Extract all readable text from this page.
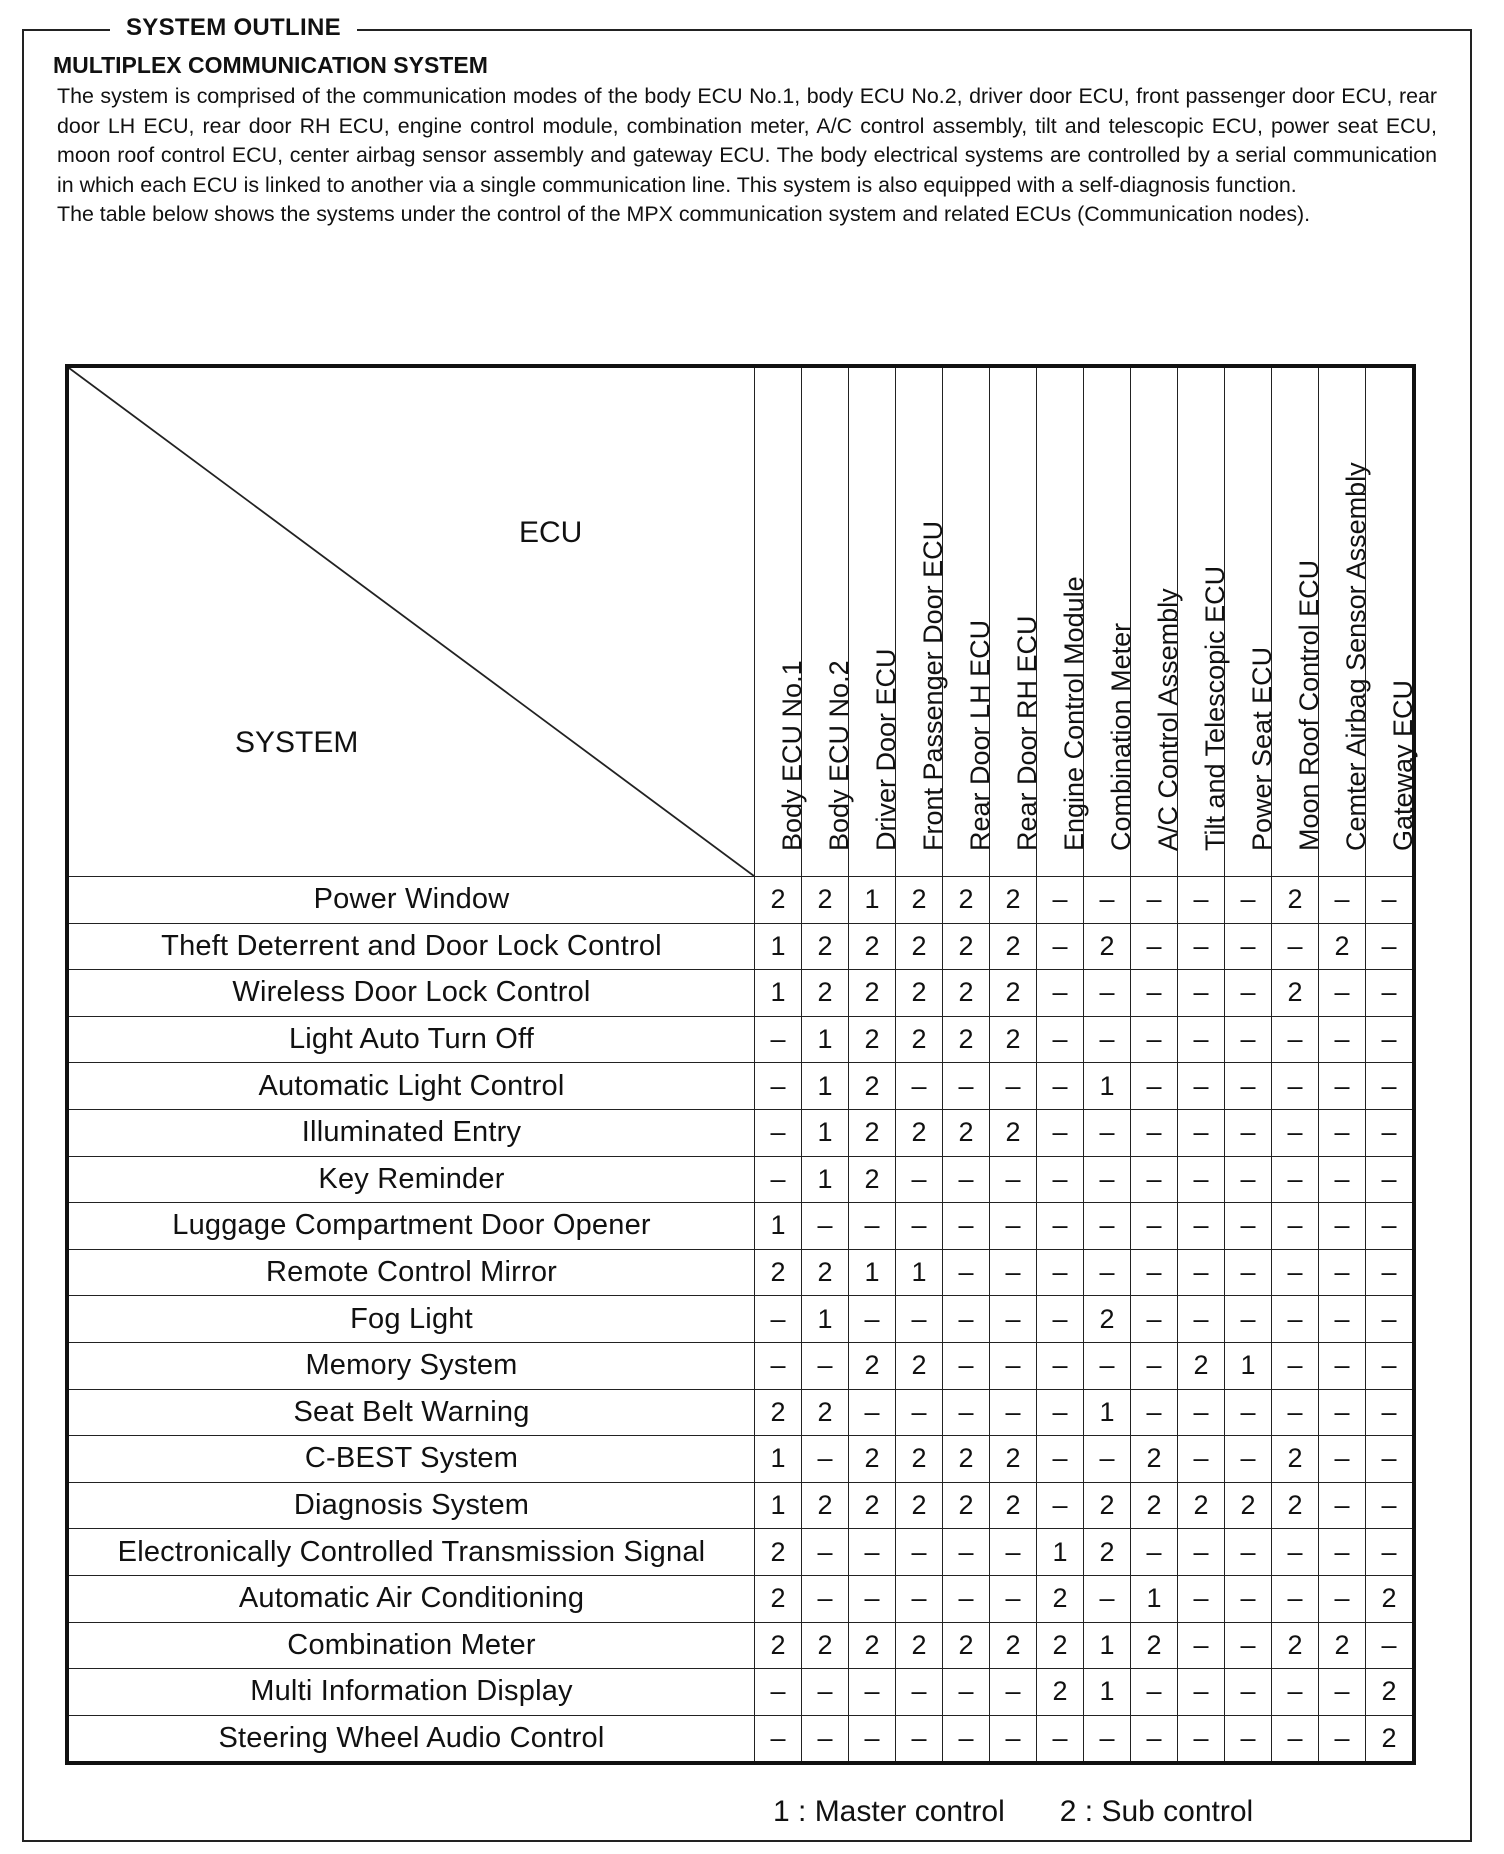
SYSTEM OUTLINE
MULTIPLEX COMMUNICATION SYSTEM

The system is comprised of the communication modes of the body ECU No.1, body ECU No.2, driver door ECU, front passenger door ECU, rear door LH ECU, rear door RH ECU, engine control module, combination meter, A/C control assembly, tilt and telescopic ECU, power seat ECU, moon roof control ECU, center airbag sensor assembly and gateway ECU. The body electrical systems are controlled by a serial communication in which each ECU is linked to another via a single communication line. This system is also equipped with a self-diagnosis function.

The table below shows the systems under the control of the MPX communication system and related ECUs (Communication nodes).

ECU
SYSTEM	Body ECU No.1	Body ECU No.2	Driver Door ECU	Front Passenger Door ECU	Rear Door LH ECU	Rear Door RH ECU	Engine Control Module	Combination Meter	A/C Control Assembly	Tilt and Telescopic ECU	Power Seat ECU	Moon Roof Control ECU	Cemter Airbag Sensor Assembly	Gateway ECU

Power Window	2	2	1	2	2	2	–	–	–	–	–	2	–	–
Theft Deterrent and Door Lock Control	1	2	2	2	2	2	–	2	–	–	–	–	2	–
Wireless Door Lock Control	1	2	2	2	2	2	–	–	–	–	–	2	–	–
Light Auto Turn Off	–	1	2	2	2	2	–	–	–	–	–	–	–	–
Automatic Light Control	–	1	2	–	–	–	–	1	–	–	–	–	–	–
Illuminated Entry	–	1	2	2	2	2	–	–	–	–	–	–	–	–
Key Reminder	–	1	2	–	–	–	–	–	–	–	–	–	–	–
Luggage Compartment Door Opener	1	–	–	–	–	–	–	–	–	–	–	–	–	–
Remote Control Mirror	2	2	1	1	–	–	–	–	–	–	–	–	–	–
Fog Light	–	1	–	–	–	–	–	2	–	–	–	–	–	–
Memory System	–	–	2	2	–	–	–	–	–	2	1	–	–	–
Seat Belt Warning	2	2	–	–	–	–	–	1	–	–	–	–	–	–
C-BEST System	1	–	2	2	2	2	–	–	2	–	–	2	–	–
Diagnosis System	1	2	2	2	2	2	–	2	2	2	2	2	–	–
Electronically Controlled Transmission Signal	2	–	–	–	–	–	1	2	–	–	–	–	–	–
Automatic Air Conditioning	2	–	–	–	–	–	2	–	1	–	–	–	–	2
Combination Meter	2	2	2	2	2	2	2	1	2	–	–	2	2	–
Multi Information Display	–	–	–	–	–	–	2	1	–	–	–	–	–	2
Steering Wheel Audio Control	–	–	–	–	–	–	–	–	–	–	–	–	–	2
1 : Master control 2 : Sub control
